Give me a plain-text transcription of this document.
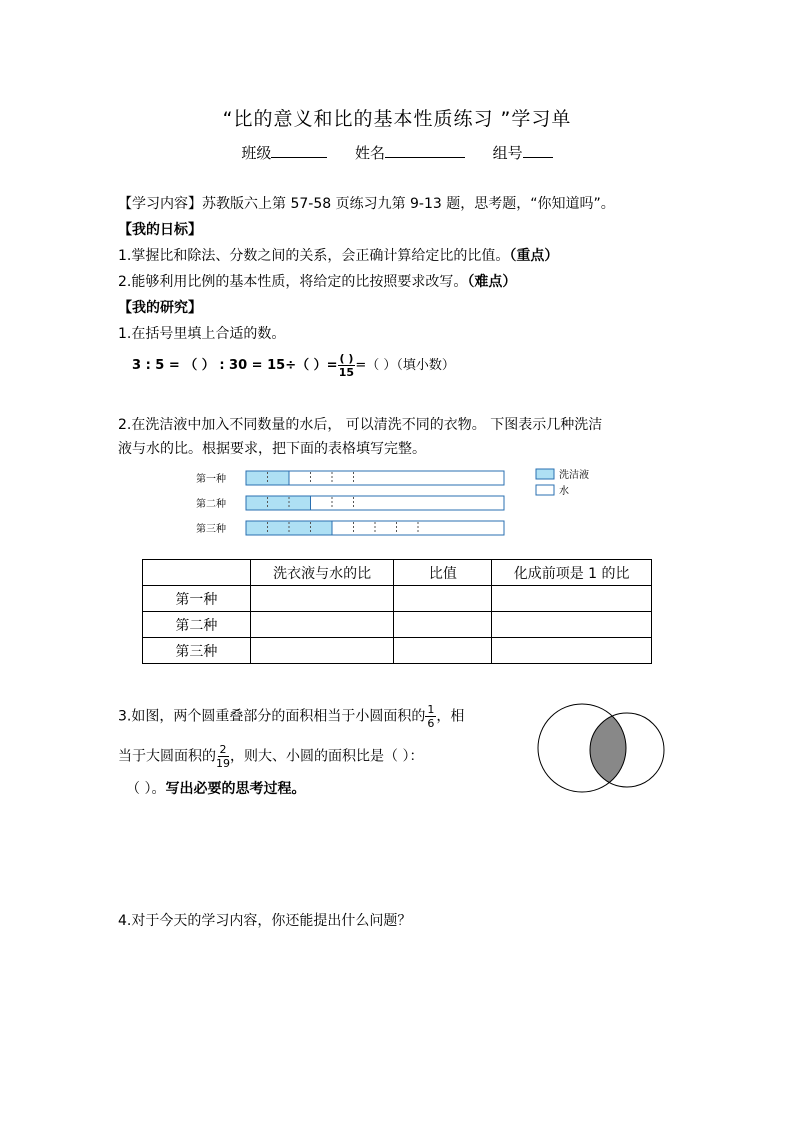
“比的意义和比的基本性质练习 ”学习单
班级	姓名	组号
【学习内容】苏教版六上第 57-58 页练习九第 9-13 题，思考题，“你知道吗”。
【我的日标】
1.掌握比和除法、分数之间的关系，会正确计算给定比的比值。（重点）
2.能够利用比例的基本性质，将给定的比按照要求改写。（难点）
【我的研究】
1.在括号里填上合适的数。
3 : 5 = （ ） : 30 = 15÷（ ）= $\frac{( )}{15}$ =（ ）（填小数）
2.在洗洁液中加入不同数量的水后， 可以清洗不同的衣物。 下图表示几种洗洁
液与水的比。根据要求，把下面的表格填写完整。
第一种
第二种
第三种
洗洁液
水
	洗衣液与水的比	比值	化成前项是 1 的比
第一种			
第二种			
第三种			
3.如图，两个圆重叠部分的面积相当于小圆面积的 $\frac{1}{6}$ ，相
当于大圆面积的 $\frac{2}{19}$ ，则大、小圆的面积比是（ ）：
（ ）。写出必要的思考过程。
4.对于今天的学习内容，你还能提出什么问题？
